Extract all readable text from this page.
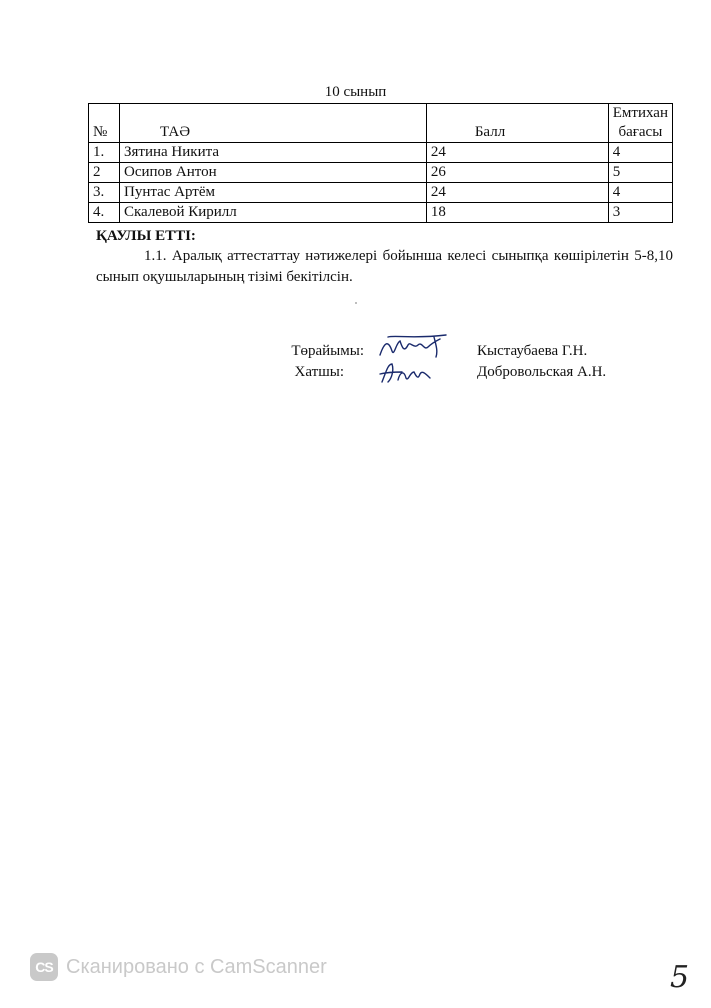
10 сынып
№	ТАӘ	Балл	Емтихан бағасы
1.	Зятина Никита	24	4
2	Осипов Антон	26	5
3.	Пунтас Артём	24	4
4.	Скалевой Кирилл	18	3
ҚАУЛЫ ЕТТІ:
1.1. Аралық аттестаттау нәтижелері бойынша келесі сыныпқа көшірілетін 5-8,10 сынып оқушыларының тізімі бекітілсін.
Төрайымы:	Кыстаубаева Г.Н.
Хатшы:	Добровольская А.Н.
CS Сканировано с CamScanner	5
